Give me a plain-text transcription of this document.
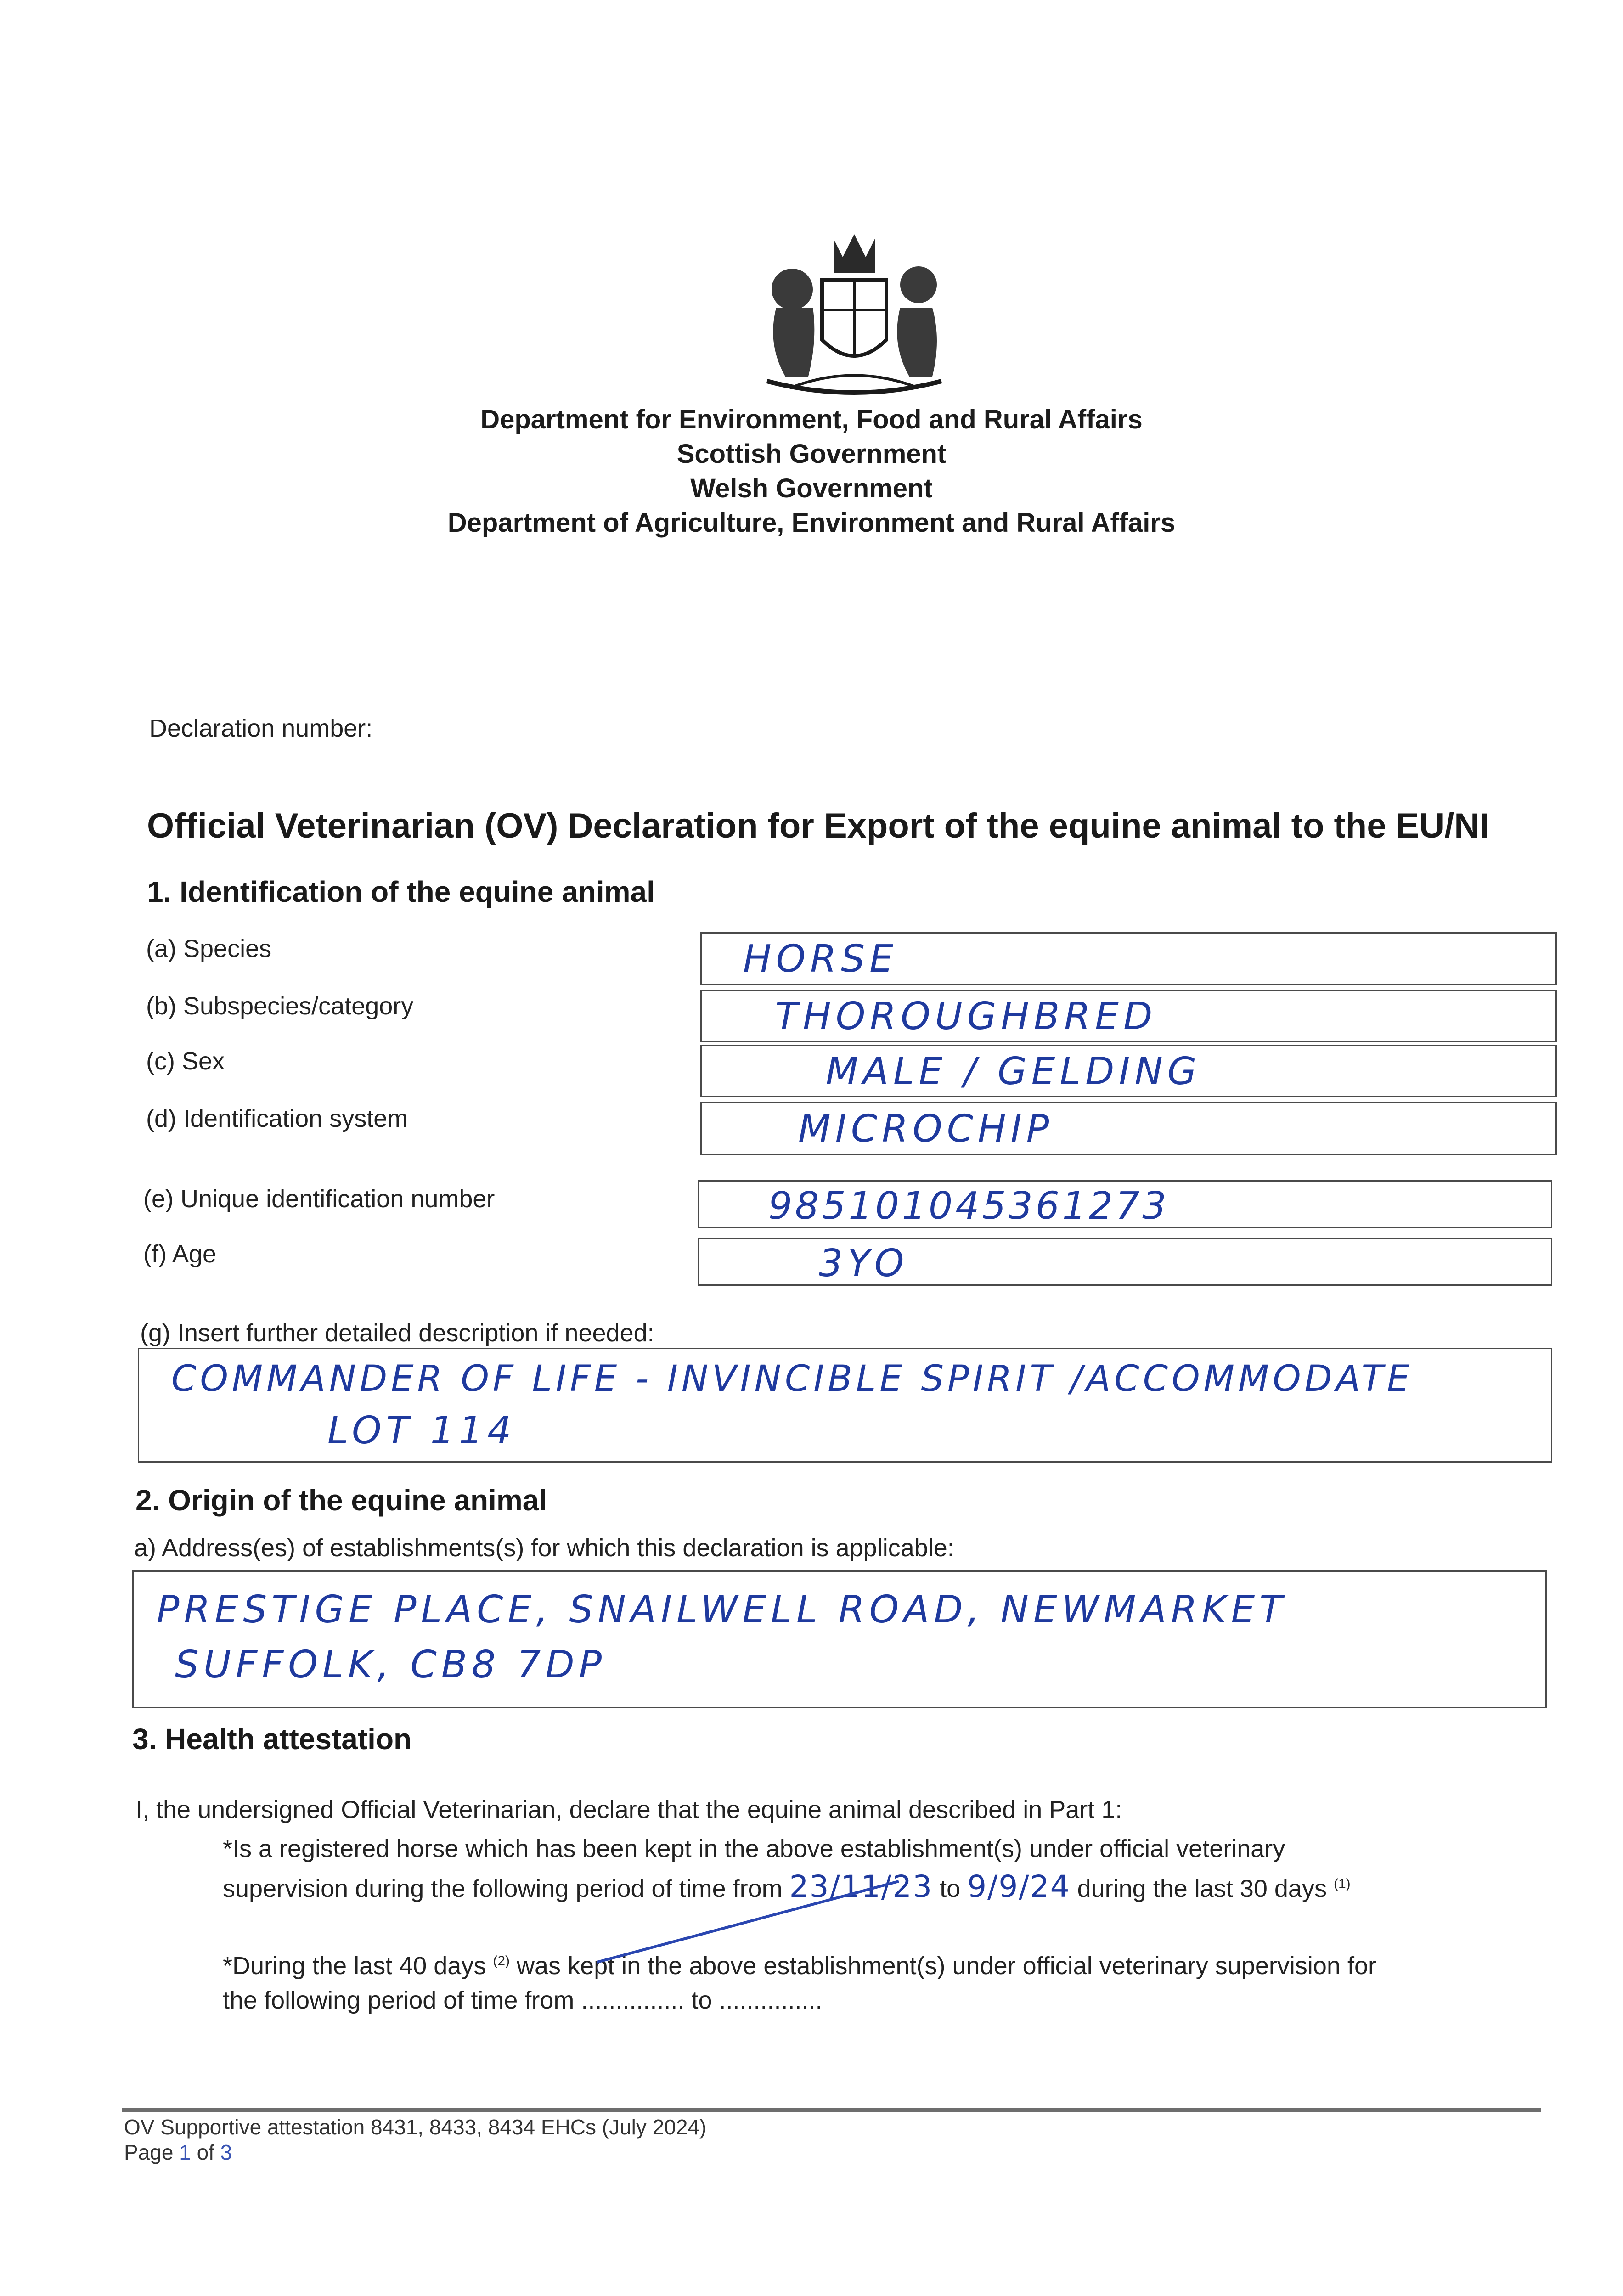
Department for Environment, Food and Rural Affairs
Scottish Government
Welsh Government
Department of Agriculture, Environment and Rural Affairs
Declaration number:
Official Veterinarian (OV) Declaration for Export of the equine animal to the EU/NI
1. Identification of the equine animal
(a) Species	HORSE
(b) Subspecies/category	THOROUGHBRED
(c) Sex	MALE / GELDING
(d) Identification system	MICROCHIP
(e) Unique identification number	985101045361273
(f) Age	3YO
(g) Insert further detailed description if needed:
COMMANDER OF LIFE - INVINCIBLE SPIRIT /ACCOMMODATE
LOT 114
2. Origin of the equine animal
a) Address(es) of establishments(s) for which this declaration is applicable:
PRESTIGE PLACE, SNAILWELL ROAD, NEWMARKET
SUFFOLK, CB8 7DP
3. Health attestation
I, the undersigned Official Veterinarian, declare that the equine animal described in Part 1:
*Is a registered horse which has been kept in the above establishment(s) under official veterinary
supervision during the following period of time from 23/11/23 to 9/9/24 during the last 30 days $^{(1)}$
*During the last 40 days $^{(2)}$ was kept in the above establishment(s) under official veterinary supervision for
the following period of time from ............... to ...............
OV Supportive attestation 8431, 8433, 8434 EHCs (July 2024)
Page 1 of 3
